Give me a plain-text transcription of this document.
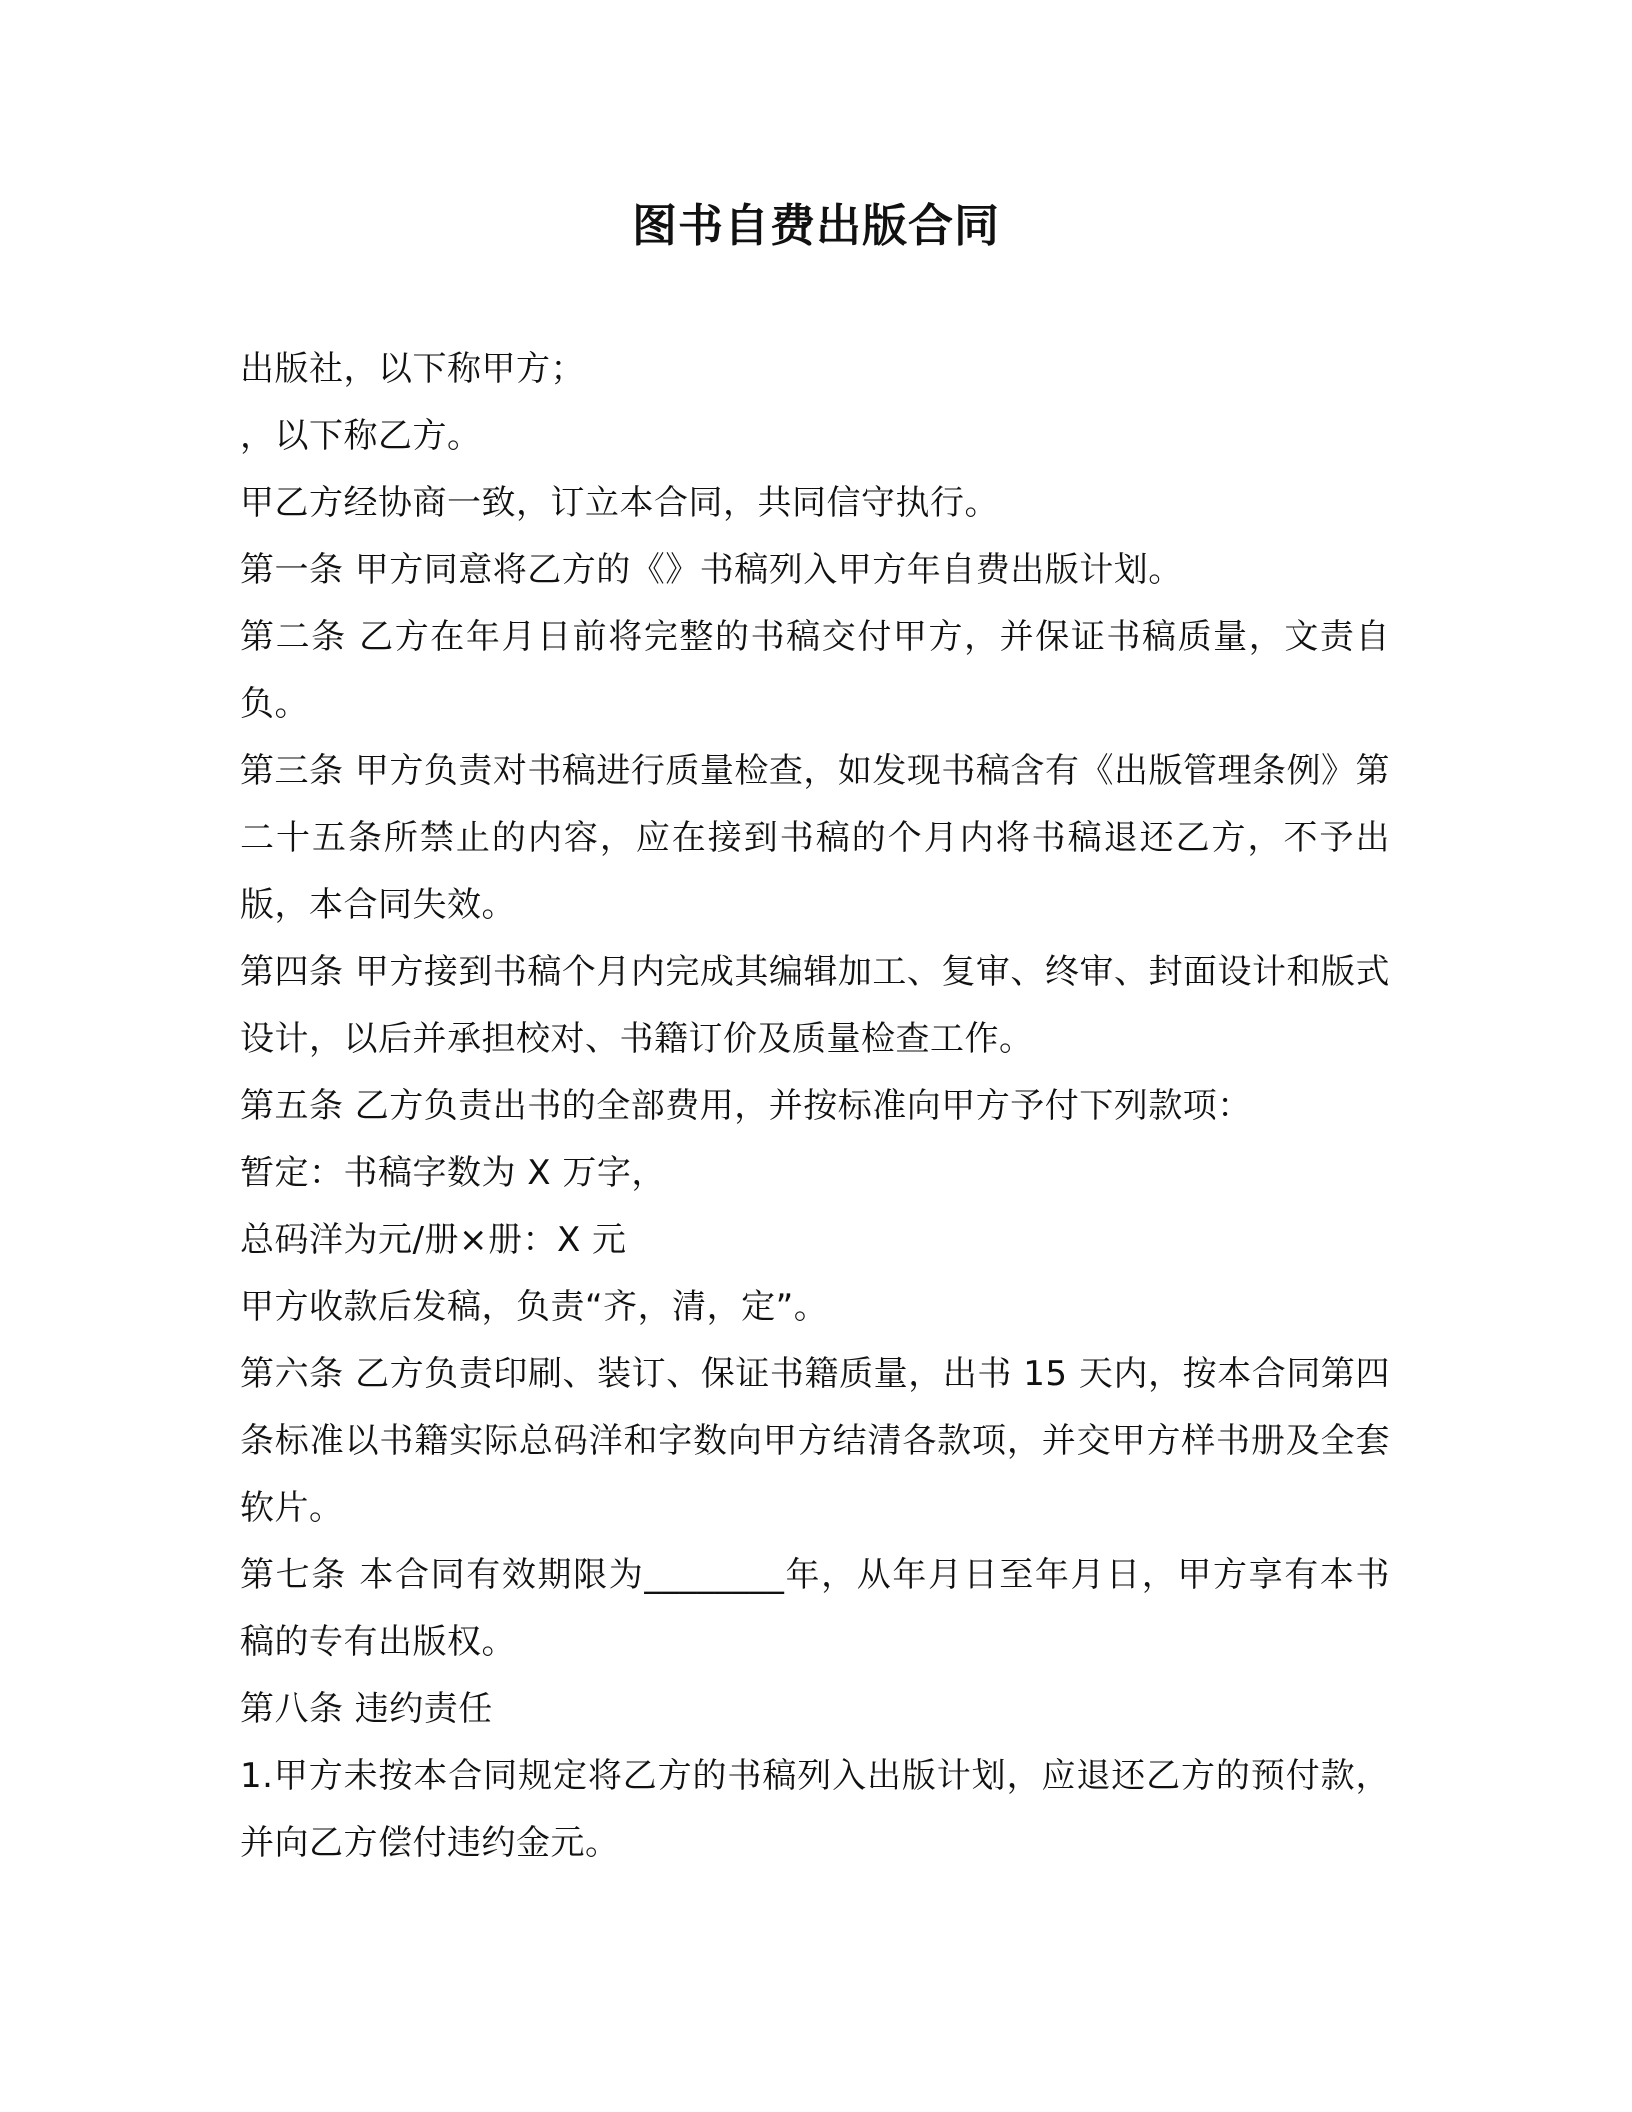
图书自费出版合同

出版社，以下称甲方；

，以下称乙方。

甲乙方经协商一致，订立本合同，共同信守执行。

第一条 甲方同意将乙方的《》书稿列入甲方年自费出版计划。

第二条 乙方在年月日前将完整的书稿交付甲方，并保证书稿质量，文责自负。

第三条 甲方负责对书稿进行质量检查，如发现书稿含有《出版管理条例》第二十五条所禁止的内容，应在接到书稿的个月内将书稿退还乙方，不予出版，本合同失效。

第四条 甲方接到书稿个月内完成其编辑加工、复审、终审、封面设计和版式设计，以后并承担校对、书籍订价及质量检查工作。

第五条 乙方负责出书的全部费用，并按标准向甲方予付下列款项：

暂定：书稿字数为 X 万字，

总码洋为元/册×册：X 元

甲方收款后发稿，负责“齐，清，定”。

第六条 乙方负责印刷、装订、保证书籍质量，出书 15 天内，按本合同第四条标准以书籍实际总码洋和字数向甲方结清各款项，并交甲方样书册及全套软片。

第七条 本合同有效期限为________年，从年月日至年月日，甲方享有本书稿的专有出版权。

第八条 违约责任

1.甲方未按本合同规定将乙方的书稿列入出版计划，应退还乙方的预付款，并向乙方偿付违约金元。
